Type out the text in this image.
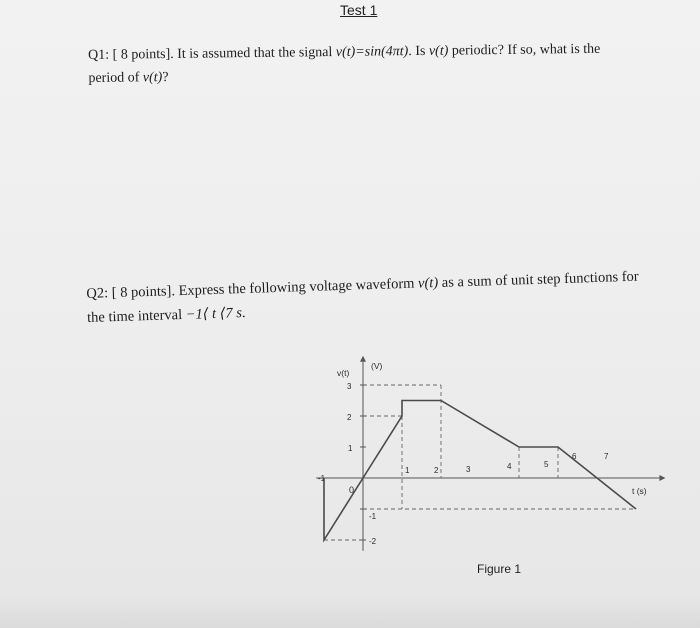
Test 1
Q1: [ 8 points]. It is assumed that the signal v(t)=sin(4πt). Is v(t) periodic? If so, what is the
period of v(t)?
Q2: [ 8 points]. Express the following voltage waveform v(t) as a sum of unit step functions for
the time interval −1⟨ t ⟨7 s.
v(t)
(V)
t (s)
0
3
2
1
-1
-2
-1
1	2	3	4	5
6	7
Figure 1
